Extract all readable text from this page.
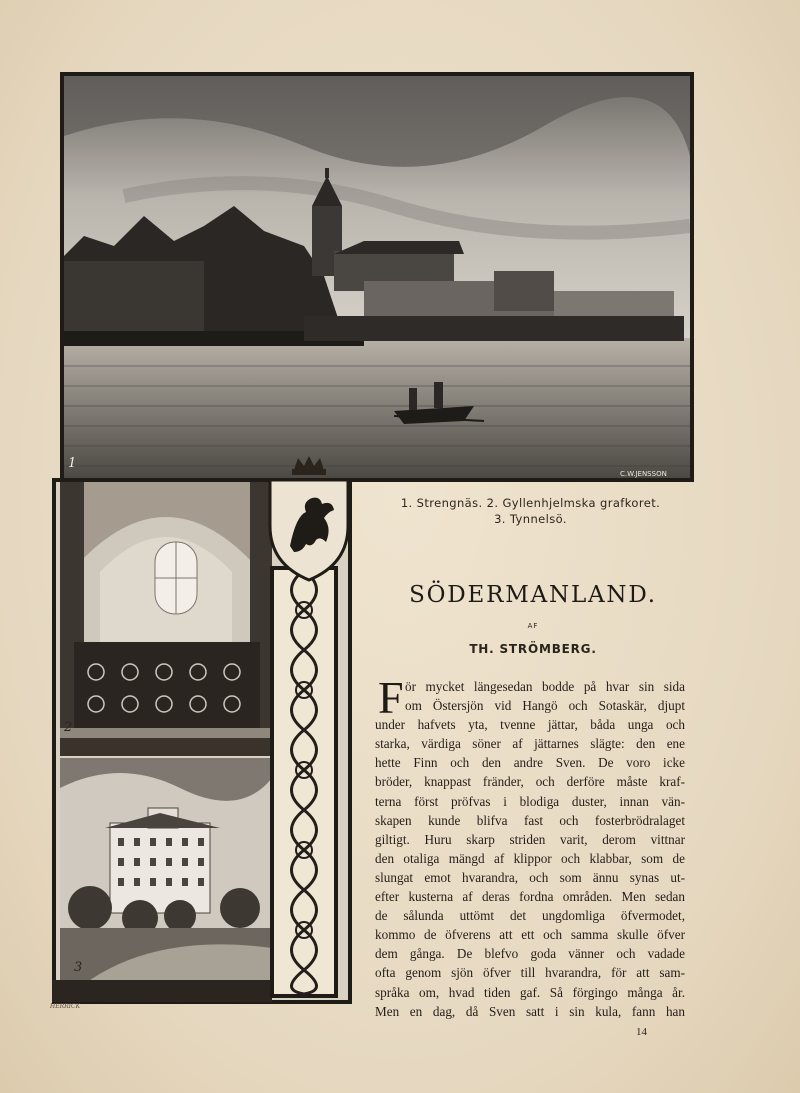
1
C.W.JENSSON
2
3
HERRICK
1. Strengnäs. 2. Gyllenhjelmska grafkoret.
3. Tynnelsö.
SÖDERMANLAND.
AF
TH. STRÖMBERG.
F ör mycket längesedan bodde på hvar sin sida
om Östersjön vid Hangö och Sotaskär, djupt
under hafvets yta, tvenne jättar, båda unga och
starka, värdiga söner af jättarnes slägte: den ene
hette Finn och den andre Sven. De voro icke
bröder, knappast fränder, och derföre måste kraf-
terna först pröfvas i blodiga duster, innan vän-
skapen kunde blifva fast och fosterbrödralaget
giltigt. Huru skarp striden varit, derom vittnar
den otaliga mängd af klippor och klabbar, som de
slungat emot hvarandra, och som ännu synas ut-
efter kusterna af deras fordna områden. Men sedan
de sålunda uttömt det ungdomliga öfvermodet,
kommo de öfverens att ett och samma skulle öfver
dem gånga. De blefvo goda vänner och vadade
ofta genom sjön öfver till hvarandra, för att sam-
språka om, hvad tiden gaf. Så förgingo många år.
Men en dag, då Sven satt i sin kula, fann han
14
